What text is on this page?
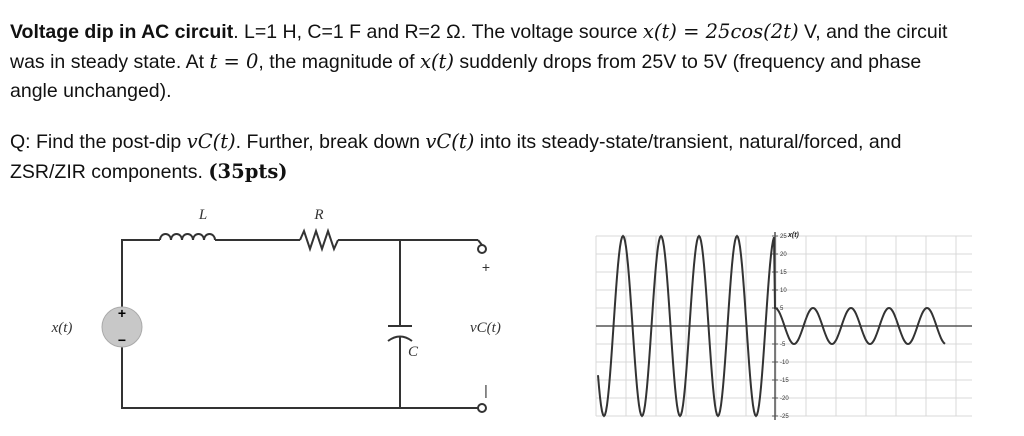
Voltage dip in AC circuit. L=1 H, C=1 F and R=2 Ω. The voltage source x(t) = 25cos(2t) V, and the circuit
was in steady state. At t = 0, the magnitude of x(t) suddenly drops from 25V to 5V (frequency and phase
angle unchanged).
Q: Find the post-dip vC(t). Further, break down vC(t) into its steady-state/transient, natural/forced, and
ZSR/ZIR components. (35pts)
+
−
L	R
x(t)
C
vC(t)
+
|
x(t)
25
20
15
10
5
-5
-10
-15
-20
-25
